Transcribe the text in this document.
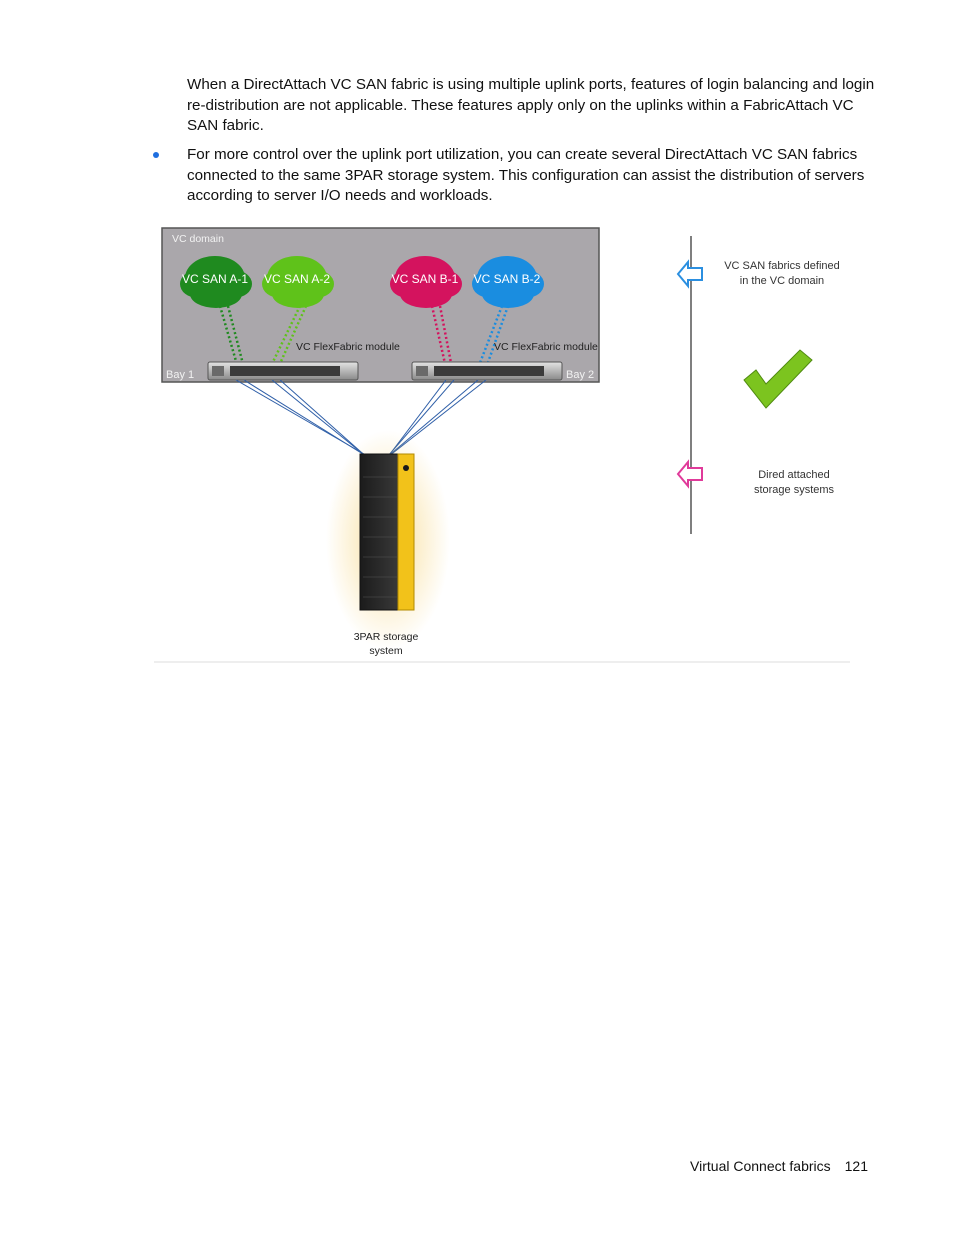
When a DirectAttach VC SAN fabric is using multiple uplink ports, features of login balancing and login re-distribution are not applicable. These features apply only on the uplinks within a FabricAttach VC SAN fabric.

For more control over the uplink port utilization, you can create several DirectAttach VC SAN fabrics connected to the same 3PAR storage system. This configuration can assist the distribution of servers according to server I/O needs and workloads.

VC domain
VC SAN A-1 VC SAN A-2	VC SAN B-1 VC SAN B-2
VC FlexFabric module	VC FlexFabric module
Bay 1	Bay 2
3PAR storage
system
VC SAN fabrics defined
in the VC domain
Dired attached
storage systems
Virtual Connect fabrics 121
